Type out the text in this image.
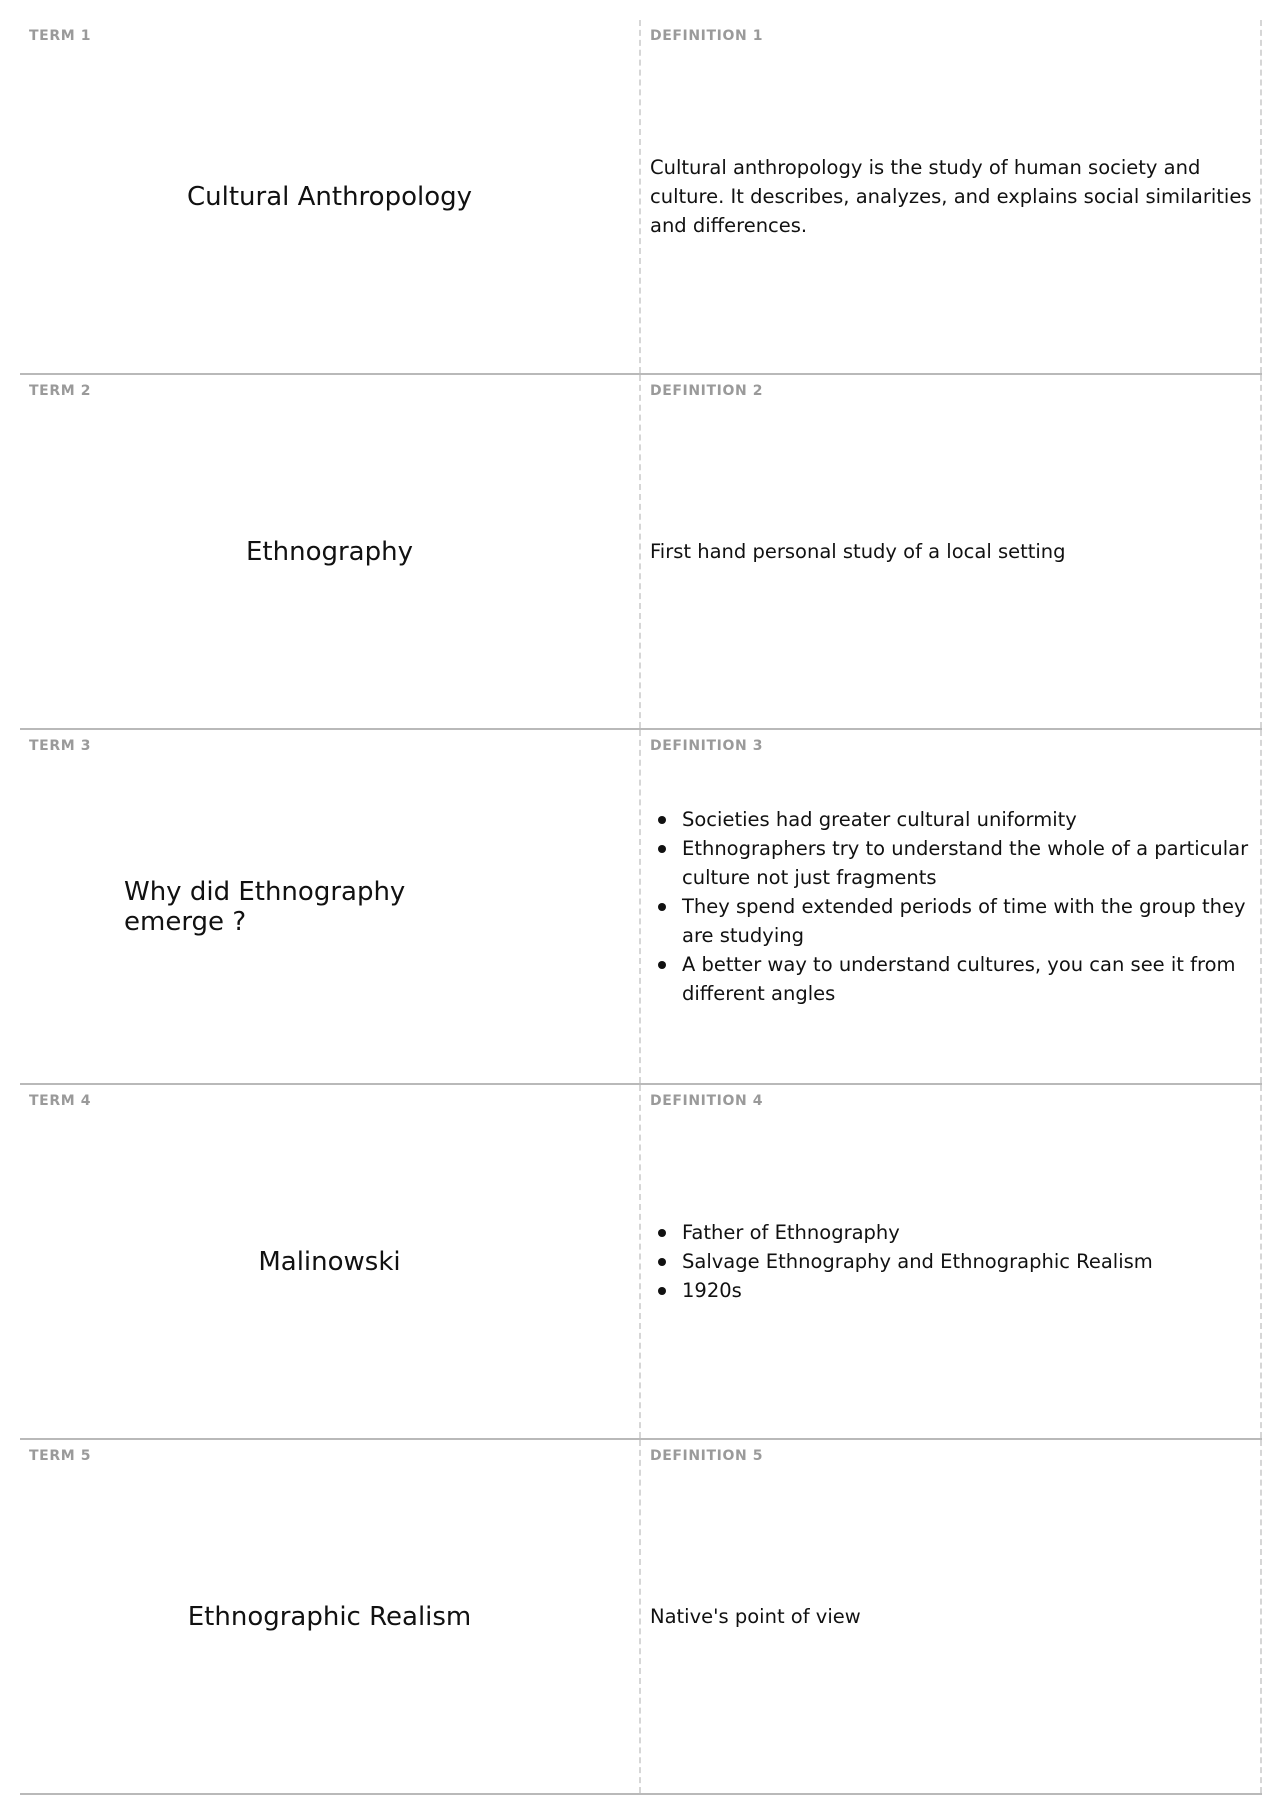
TERM 1
Cultural Anthropology
DEFINITION 1
Cultural anthropology is the study of human society and culture. It describes, analyzes, and explains social similarities and differences.
TERM 2
Ethnography
DEFINITION 2
First hand personal study of a local setting
TERM 3
Why did Ethnography emerge ?
DEFINITION 3
Societies had greater cultural uniformity
Ethnographers try to understand the whole of a particular culture not just fragments
They spend extended periods of time with the group they are studying
A better way to understand cultures, you can see it from different angles
TERM 4
Malinowski
DEFINITION 4
Father of Ethnography
Salvage Ethnography and Ethnographic Realism
1920s
TERM 5
Ethnographic Realism
DEFINITION 5
Native's point of view
